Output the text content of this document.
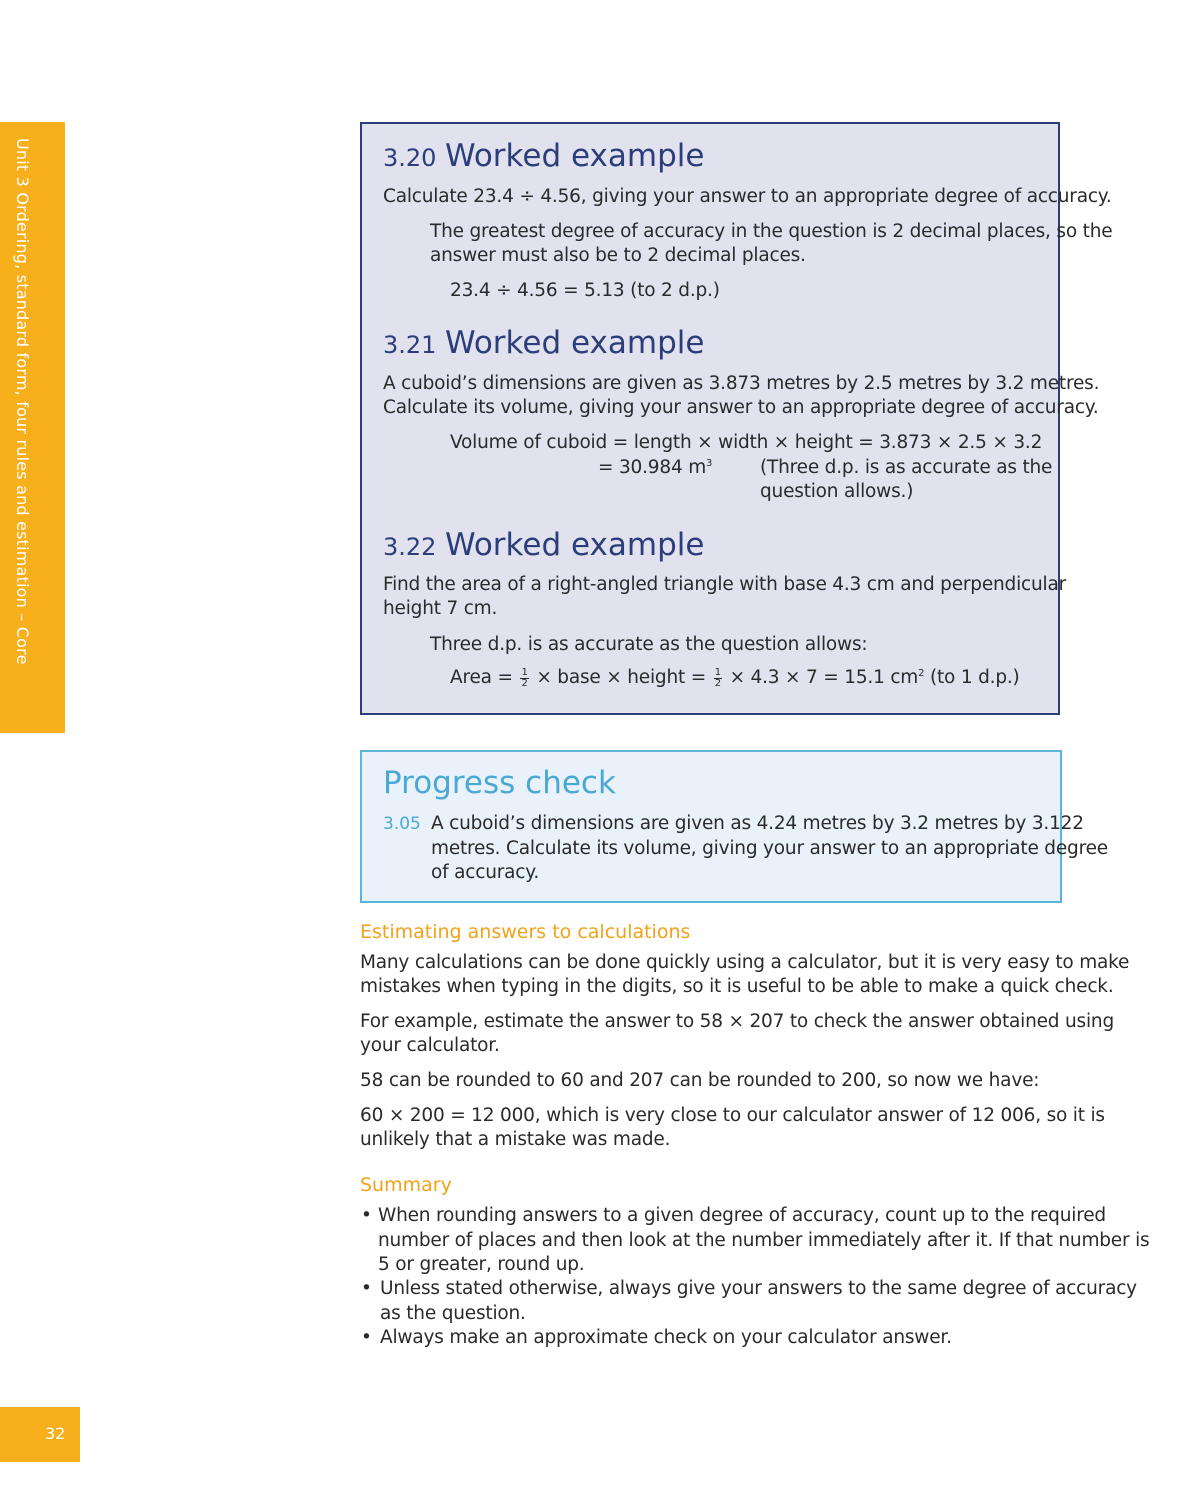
Unit 3 Ordering, standard form, four rules and estimation – Core
32
3.20 Worked example
Calculate 23.4 ÷ 4.56, giving your answer to an appropriate degree of accuracy.
The greatest degree of accuracy in the question is 2 decimal places, so the
answer must also be to 2 decimal places.
23.4 ÷ 4.56 = 5.13 (to 2 d.p.)
3.21 Worked example
A cuboid’s dimensions are given as 3.873 metres by 2.5 metres by 3.2 metres.
Calculate its volume, giving your answer to an appropriate degree of accuracy.
Volume of cuboid = length × width × height = 3.873 × 2.5 × 3.2
= 30.984 $m^3$	(Three d.p. is as accurate as the
question allows.)
3.22 Worked example
Find the area of a right-angled triangle with base 4.3 cm and perpendicular
height 7 cm.
Three d.p. is as accurate as the question allows:
Area = $\frac{1}{2}$ × base × height = $\frac{1}{2} \times 4.3 \times 7 = 15.1$ $cm^2$ (to 1 d.p.)
Progress check
3.05 A cuboid’s dimensions are given as 4.24 metres by 3.2 metres by 3.122
metres. Calculate its volume, giving your answer to an appropriate degree
of accuracy.
Estimating answers to calculations
Many calculations can be done quickly using a calculator, but it is very easy to make
mistakes when typing in the digits, so it is useful to be able to make a quick check.
For example, estimate the answer to 58 × 207 to check the answer obtained using
your calculator.
58 can be rounded to 60 and 207 can be rounded to 200, so now we have:
60 × 200 = 12 000, which is very close to our calculator answer of 12 006, so it is
unlikely that a mistake was made.
Summary
• When rounding answers to a given degree of accuracy, count up to the required
number of places and then look at the number immediately after it. If that number is
5 or greater, round up.
• Unless stated otherwise, always give your answers to the same degree of accuracy
as the question.
• Always make an approximate check on your calculator answer.
